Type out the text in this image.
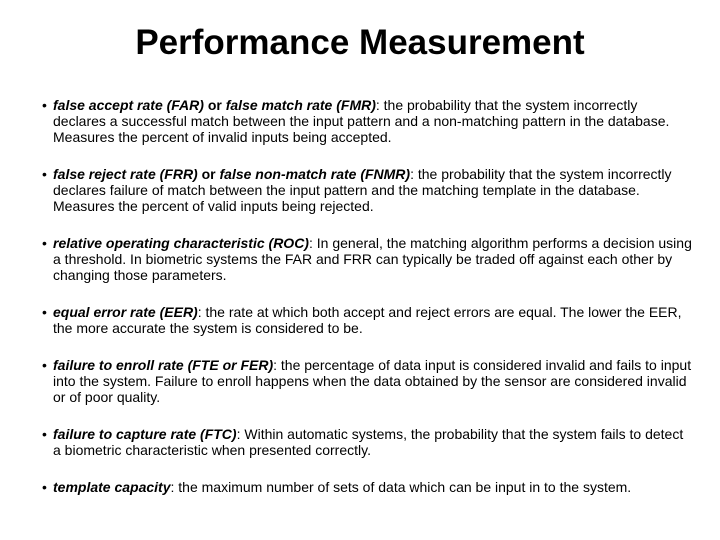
Performance Measurement
• false accept rate (FAR) or false match rate (FMR): the probability that the system incorrectly declares a successful match between the input pattern and a non-matching pattern in the database. Measures the percent of invalid inputs being accepted.
• false reject rate (FRR) or false non-match rate (FNMR): the probability that the system incorrectly declares failure of match between the input pattern and the matching template in the database. Measures the percent of valid inputs being rejected.
• relative operating characteristic (ROC): In general, the matching algorithm performs a decision using a threshold. In biometric systems the FAR and FRR can typically be traded off against each other by changing those parameters.
• equal error rate (EER): the rate at which both accept and reject errors are equal. The lower the EER, the more accurate the system is considered to be.
• failure to enroll rate (FTE or FER): the percentage of data input is considered invalid and fails to input into the system. Failure to enroll happens when the data obtained by the sensor are considered invalid or of poor quality.
• failure to capture rate (FTC): Within automatic systems, the probability that the system fails to detect a biometric characteristic when presented correctly.
• template capacity: the maximum number of sets of data which can be input in to the system.
